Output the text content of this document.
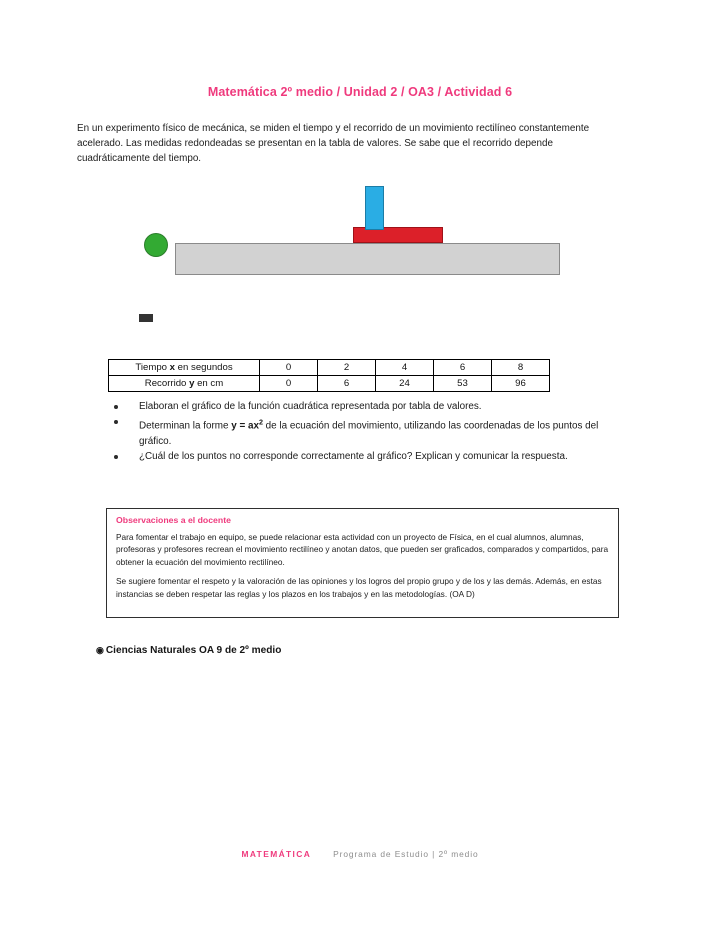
Matemática 2º medio / Unidad 2 / OA3 / Actividad 6
En un experimento físico de mecánica, se miden el tiempo y el recorrido de un movimiento rectilíneo constantemente acelerado. Las medidas redondeadas se presentan en la tabla de valores. Se sabe que el recorrido depende cuadráticamente del tiempo.
Tiempo x en segundos	0	2	4	6	8
Recorrido y en cm	0	6	24	53	96
Elaboran el gráfico de la función cuadrática representada por tabla de valores.
Determinan la forme $y = ax^2$ de la ecuación del movimiento, utilizando las coordenadas de los puntos del gráfico.
¿Cuál de los puntos no corresponde correctamente al gráfico? Explican y comunicar la respuesta.
Observaciones a el docente

Para fomentar el trabajo en equipo, se puede relacionar esta actividad con un proyecto de Física, en el cual alumnos, alumnas, profesoras y profesores recrean el movimiento rectilíneo y anotan datos, que pueden ser graficados, comparados y compartidos, para obtener la ecuación del movimiento rectilíneo.

Se sugiere fomentar el respeto y la valoración de las opiniones y los logros del propio grupo y de los y las demás. Además, en estas instancias se deben respetar las reglas y los plazos en los trabajos y en las metodologías. (OA D)

◉ Ciencias Naturales OA 9 de 2º medio
MATEMÁTICA	Programa de Estudio | 2º medio
